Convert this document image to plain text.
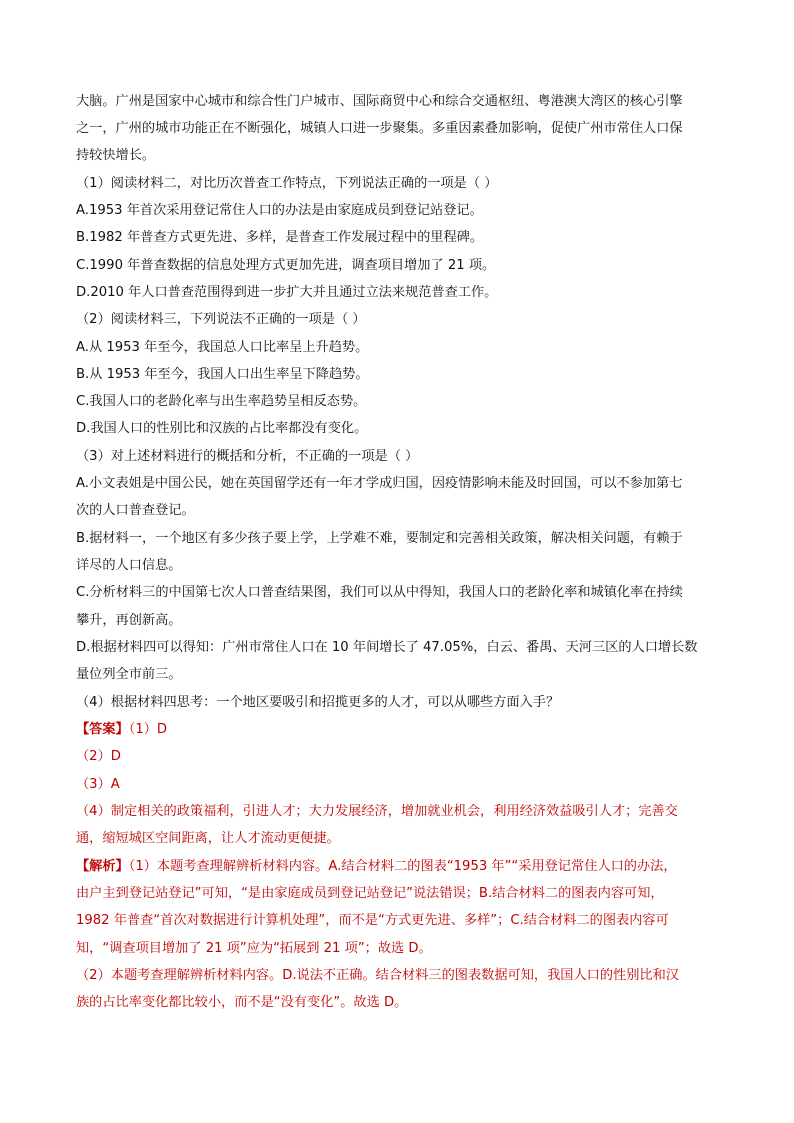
大脑。广州是国家中心城市和综合性门户城市、国际商贸中心和综合交通枢纽、粤港澳大湾区的核心引擎
之一，广州的城市功能正在不断强化，城镇人口进一步聚集。多重因素叠加影响，促使广州市常住人口保
持较快增长。
（1）阅读材料二，对比历次普查工作特点，下列说法正确的一项是（ ）
A.1953 年首次采用登记常住人口的办法是由家庭成员到登记站登记。
B.1982 年普查方式更先进、多样，是普查工作发展过程中的里程碑。
C.1990 年普查数据的信息处理方式更加先进，调查项目增加了 21 项。
D.2010 年人口普查范围得到进一步扩大并且通过立法来规范普查工作。
（2）阅读材料三，下列说法不正确的一项是（ ）
A.从 1953 年至今，我国总人口比率呈上升趋势。
B.从 1953 年至今，我国人口出生率呈下降趋势。
C.我国人口的老龄化率与出生率趋势呈相反态势。
D.我国人口的性别比和汉族的占比率都没有变化。
（3）对上述材料进行的概括和分析，不正确的一项是（ ）
A.小文表姐是中国公民，她在英国留学还有一年才学成归国，因疫情影响未能及时回国，可以不参加第七
次的人口普查登记。
B.据材料一，一个地区有多少孩子要上学，上学难不难，要制定和完善相关政策，解决相关问题，有赖于
详尽的人口信息。
C.分析材料三的中国第七次人口普查结果图，我们可以从中得知，我国人口的老龄化率和城镇化率在持续
攀升，再创新高。
D.根据材料四可以得知：广州市常住人口在 10 年间增长了 47.05%，白云、番禺、天河三区的人口增长数
量位列全市前三。
（4）根据材料四思考：一个地区要吸引和招揽更多的人才，可以从哪些方面入手？
【答案】（1）D
（2）D
（3）A
（4）制定相关的政策福利，引进人才；大力发展经济，增加就业机会，利用经济效益吸引人才；完善交
通，缩短城区空间距离，让人才流动更便捷。
【解析】（1）本题考查理解辨析材料内容。A.结合材料二的图表“1953 年”“采用登记常住人口的办法，
由户主到登记站登记”可知，“是由家庭成员到登记站登记”说法错误；B.结合材料二的图表内容可知，
1982 年普查“首次对数据进行计算机处理”，而不是“方式更先进、多样”；C.结合材料二的图表内容可
知，“调查项目增加了 21 项”应为“拓展到 21 项”；故选 D。
（2）本题考查理解辨析材料内容。D.说法不正确。结合材料三的图表数据可知，我国人口的性别比和汉
族的占比率变化都比较小，而不是“没有变化”。故选 D。
